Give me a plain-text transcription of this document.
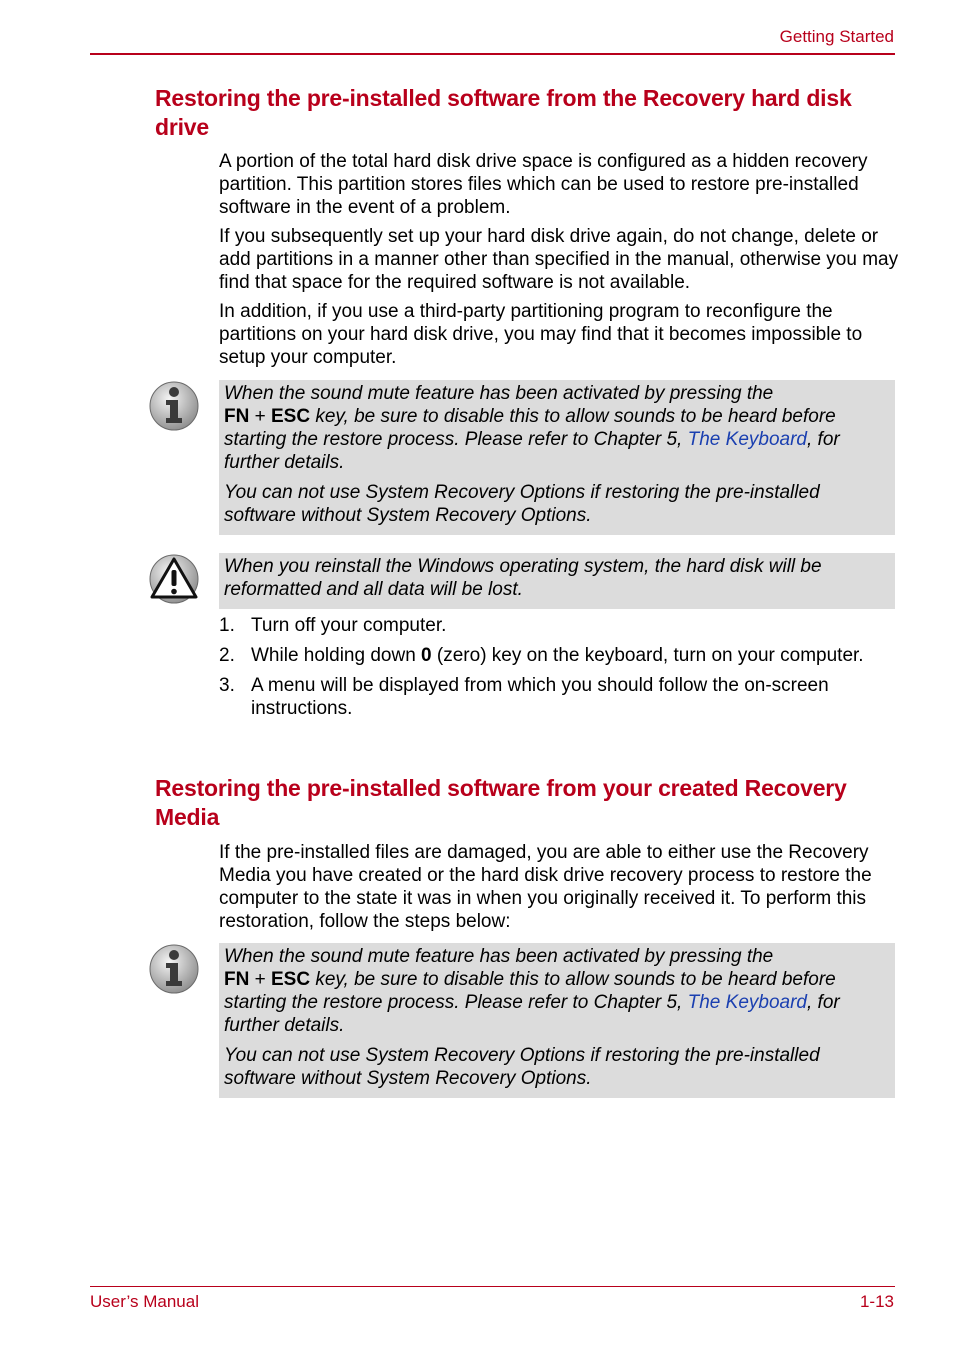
Getting Started
Restoring the pre-installed software from the Recovery hard disk drive

A portion of the total hard disk drive space is configured as a hidden recovery partition. This partition stores files which can be used to restore pre-installed software in the event of a problem.

If you subsequently set up your hard disk drive again, do not change, delete or add partitions in a manner other than specified in the manual, otherwise you may find that space for the required software is not available.

In addition, if you use a third-party partitioning program to reconfigure the partitions on your hard disk drive, you may find that it becomes impossible to setup your computer.

When the sound mute feature has been activated by pressing the
FN + ESC key, be sure to disable this to allow sounds to be heard before starting the restore process. Please refer to Chapter 5, The Keyboard, for further details.

You can not use System Recovery Options if restoring the pre-installed software without System Recovery Options.

When you reinstall the Windows operating system, the hard disk will be reformatted and all data will be lost.

1. Turn off your computer.
2. While holding down 0 (zero) key on the keyboard, turn on your computer.
3. A menu will be displayed from which you should follow the on-screen instructions.
Restoring the pre-installed software from your created Recovery Media

If the pre-installed files are damaged, you are able to either use the Recovery Media you have created or the hard disk drive recovery process to restore the computer to the state it was in when you originally received it. To perform this restoration, follow the steps below:

When the sound mute feature has been activated by pressing the
FN + ESC key, be sure to disable this to allow sounds to be heard before starting the restore process. Please refer to Chapter 5, The Keyboard, for further details.

You can not use System Recovery Options if restoring the pre-installed software without System Recovery Options.

User’s Manual	1-13
